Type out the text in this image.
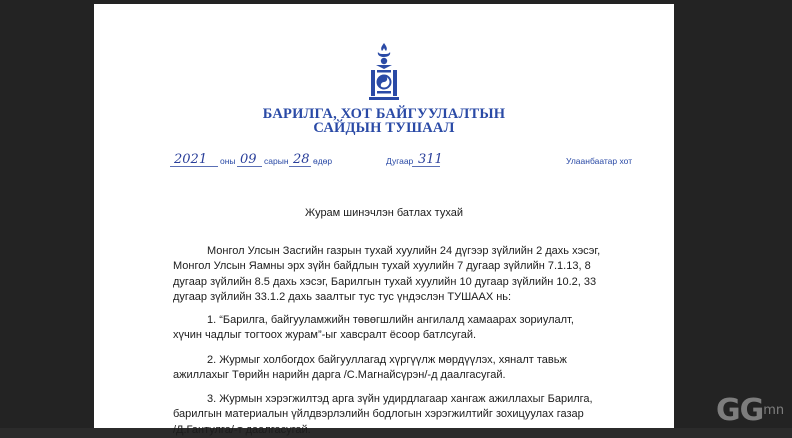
БАРИЛГА, ХОТ БАЙГУУЛАЛТЫН
САЙДЫН ТУШААЛ
2021 оны 09 сарын 28 өдөр	Дугаар 311	Улаанбаатар хот
Журам шинэчлэн батлах тухай
Монгол Улсын Засгийн газрын тухай хуулийн 24 дүгээр зүйлийн 2 дахь хэсэг,
Монгол Улсын Яамны эрх зүйн байдлын тухай хуулийн 7 дугаар зүйлийн 7.1.13, 8
дугаар зүйлийн 8.5 дахь хэсэг, Барилгын тухай хуулийн 10 дугаар зүйлийн 10.2, 33
дугаар зүйлийн 33.1.2 дахь заалтыг тус тус үндэслэн ТУШААХ нь:
1. “Барилга, байгууламжийн төвөгшлийн ангилалд хамаарах зориулалт,
хүчин чадлыг тогтоох журам”-ыг хавсралт ёсоор батлсугай.
2. Журмыг холбогдох байгууллагад хүргүүлж мөрдүүлэх, хяналт тавьж
ажиллахыг Төрийн нарийн дарга /С.Магнайсүрэн/-д даалгасугай.
3. Журмын хэрэгжилтэд арга зүйн удирдлагаар хангаж ажиллахыг Барилга,
барилгын материалын үйлдвэрлэлийн бодлогын хэрэгжилтийг зохицуулах газар
/Д.Гантулга/-т даалгасугай.
$GG^{mn}$
